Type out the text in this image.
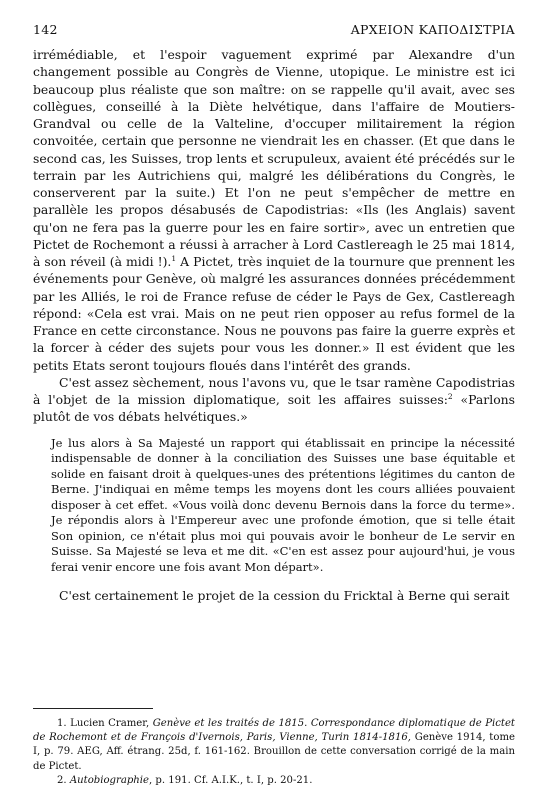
142	ΑΡΧΕΙΟΝ ΚΑΠΟΔΙΣΤΡΙΑ

irrémédiable, et l'espoir vaguement exprimé par Alexandre d'un changement possible au Congrès de Vienne, utopique. Le ministre est ici beaucoup plus réaliste que son maître: on se rappelle qu'il avait, avec ses collègues, conseillé à la Diète helvétique, dans l'affaire de Moutiers-Grandval ou celle de la Valteline, d'occuper militairement la région convoitée, certain que personne ne viendrait les en chasser. (Et que dans le second cas, les Suisses, trop lents et scrupuleux, avaient été précédés sur le terrain par les Autrichiens qui, malgré les délibérations du Congrès, le conserverent par la suite.) Et l'on ne peut s'empêcher de mettre en parallèle les propos désabusés de Capodistrias: «Ils (les Anglais) savent qu'on ne fera pas la guerre pour les en faire sortir», avec un entretien que Pictet de Rochemont a réussi à arracher à Lord Castlereagh le 25 mai 1814, à son réveil (à midi !).$^1$ A Pictet, très inquiet de la tournure que prennent les événements pour Genève, où malgré les assurances données précédemment par les Alliés, le roi de France refuse de céder le Pays de Gex, Castlereagh répond: «Cela est vrai. Mais on ne peut rien opposer au refus formel de la France en cette circonstance. Nous ne pouvons pas faire la guerre exprès et la forcer à céder des sujets pour vous les donner.» Il est évident que les petits Etats seront toujours floués dans l'intérêt des grands.

C'est assez sèchement, nous l'avons vu, que le tsar ramène Capodistrias à l'objet de la mission diplomatique, soit les affaires suisses:$^2$ «Parlons plutôt de vos débats helvétiques.»

Je lus alors à Sa Majesté un rapport qui établissait en principe la nécessité indispensable de donner à la conciliation des Suisses une base équitable et solide en faisant droit à quelques-unes des prétentions légitimes du canton de Berne. J'indiquai en même temps les moyens dont les cours alliées pouvaient disposer à cet effet. «Vous voilà donc devenu Bernois dans la force du terme». Je répondis alors à l'Empereur avec une profonde émotion, que si telle était Son opinion, ce n'était plus moi qui pouvais avoir le bonheur de Le servir en Suisse. Sa Majesté se leva et me dit. «C'en est assez pour aujourd'hui, je vous ferai venir encore une fois avant Mon départ».

C'est certainement le projet de la cession du Fricktal à Berne qui serait

1. Lucien Cramer, Genève et les traités de 1815. Correspondance diplomatique de Pictet de Rochemont et de François d'Ivernois, Paris, Vienne, Turin 1814-1816, Genève 1914, tome I, p. 79. AEG, Aff. étrang. 25d, f. 161-162. Brouillon de cette conversation corrigé de la main de Pictet.

2. Autobiographie, p. 191. Cf. A.I.K., t. I, p. 20-21.
